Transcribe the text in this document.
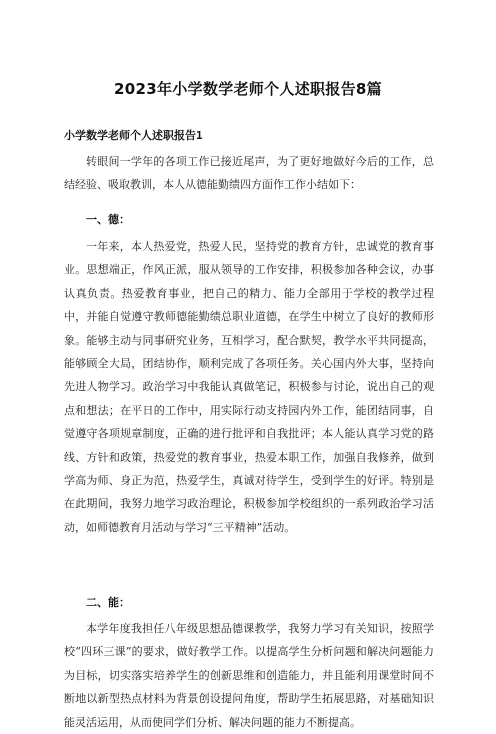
2023年小学数学老师个人述职报告8篇
小学数学老师个人述职报告1

转眼间一学年的各项工作已接近尾声，为了更好地做好今后的工作，总结经验、吸取教训，本人从德能勤绩四方面作工作小结如下：

一、德：

一年来，本人热爱党，热爱人民，坚持党的教育方针，忠诚党的教育事业。思想端正，作风正派，服从领导的工作安排，积极参加各种会议，办事认真负责。热爱教育事业，把自己的精力、能力全部用于学校的教学过程中，并能自觉遵守教师德能勤绩总职业道德，在学生中树立了良好的教师形象。能够主动与同事研究业务，互相学习，配合默契，教学水平共同提高，能够顾全大局，团结协作，顺利完成了各项任务。关心国内外大事，坚持向先进人物学习。政治学习中我能认真做笔记，积极参与讨论，说出自己的观点和想法；在平日的工作中，用实际行动支持园内外工作，能团结同事，自觉遵守各项规章制度，正确的进行批评和自我批评；本人能认真学习党的路线、方针和政策，热爱党的教育事业，热爱本职工作，加强自我修养，做到学高为师、身正为范，热爱学生，真诚对待学生，受到学生的好评。特别是在此期间，我努力地学习政治理论，积极参加学校组织的一系列政治学习活动，如师德教育月活动与学习“三平精神”活动。

二、能：

本学年度我担任八年级思想品德课教学，我努力学习有关知识，按照学校“四环三课”的要求，做好教学工作。以提高学生分析问题和解决问题能力为目标，切实落实培养学生的创新思维和创造能力，并且能利用课堂时间不断地以新型热点材料为背景创设提问角度，帮助学生拓展思路，对基础知识能灵活运用，从而使同学们分析、解决问题的能力不断提高。
